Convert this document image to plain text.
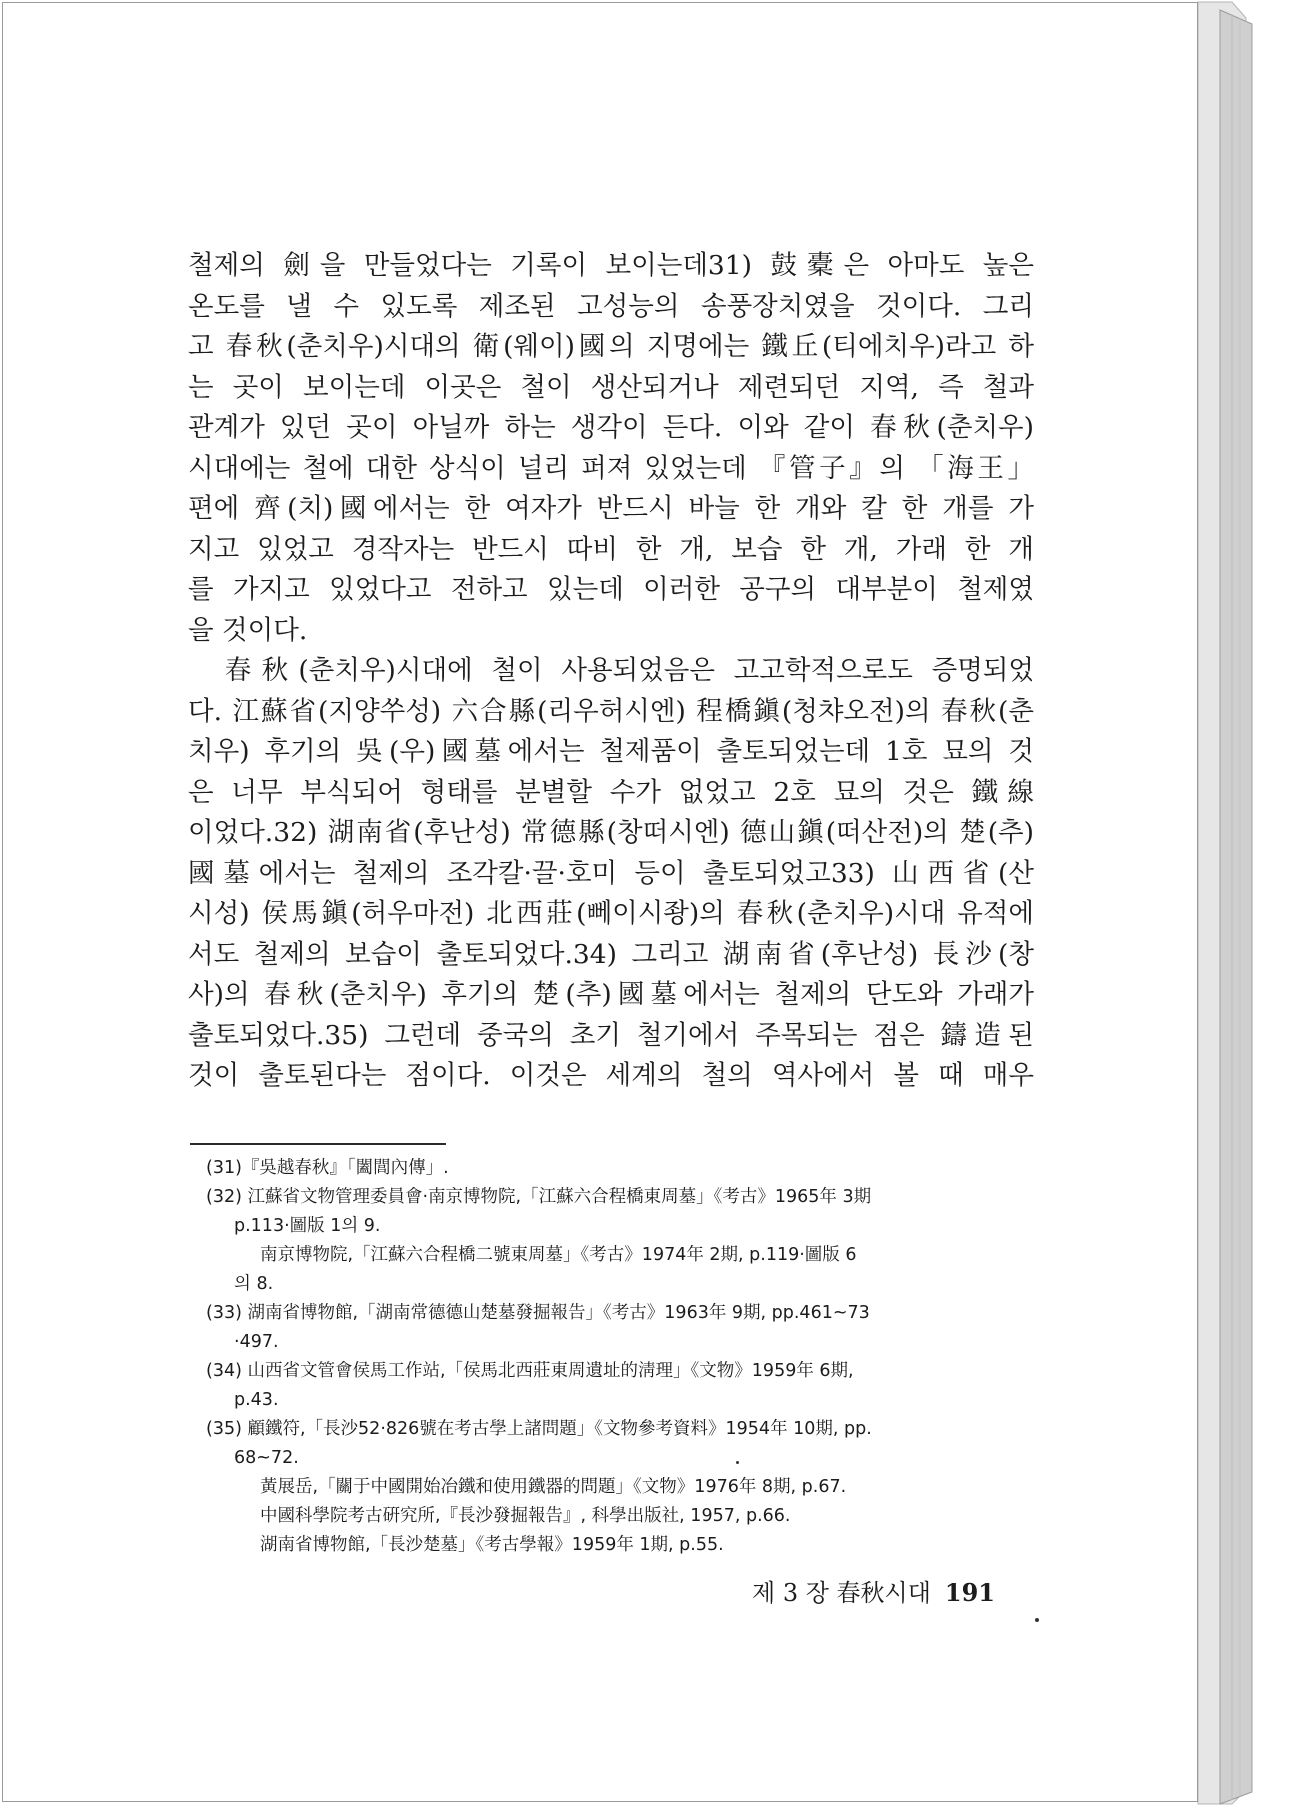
철제의 劍을 만들었다는 기록이 보이는데31) 鼓橐은 아마도 높은
온도를 낼 수 있도록 제조된 고성능의 송풍장치였을 것이다. 그리
고 春秋(춘치우)시대의 衛(웨이)國의 지명에는 鐵丘(티에치우)라고 하
는 곳이 보이는데 이곳은 철이 생산되거나 제련되던 지역, 즉 철과
관계가 있던 곳이 아닐까 하는 생각이 든다. 이와 같이 春秋(춘치우)
시대에는 철에 대한 상식이 널리 퍼져 있었는데 『管子』의 「海王」
편에 齊(치)國에서는 한 여자가 반드시 바늘 한 개와 칼 한 개를 가
지고 있었고 경작자는 반드시 따비 한 개, 보습 한 개, 가래 한 개
를 가지고 있었다고 전하고 있는데 이러한 공구의 대부분이 철제였
을 것이다.
　春秋(춘치우)시대에 철이 사용되었음은 고고학적으로도 증명되었
다. 江蘇省(지양쑤성) 六合縣(리우허시엔) 程橋鎭(청챠오전)의 春秋(춘
치우) 후기의 吳(우)國墓에서는 철제품이 출토되었는데 1호 묘의 것
은 너무 부식되어 형태를 분별할 수가 없었고 2호 묘의 것은 鐵線
이었다.32) 湖南省(후난성) 常德縣(창떠시엔) 德山鎭(떠산전)의 楚(추)
國墓에서는 철제의 조각칼·끌·호미 등이 출토되었고33) 山西省(산
시성) 侯馬鎭(허우마전) 北西莊(뻬이시좡)의 春秋(춘치우)시대 유적에
서도 철제의 보습이 출토되었다.34) 그리고 湖南省(후난성) 長沙(창
사)의 春秋(춘치우) 후기의 楚(추)國墓에서는 철제의 단도와 가래가
출토되었다.35) 그런데 중국의 초기 철기에서 주목되는 점은 鑄造된
것이 출토된다는 점이다. 이것은 세계의 철의 역사에서 볼 때 매우
(31)『吳越春秋』「闔閭內傳」.
(32) 江蘇省文物管理委員會·南京博物院,「江蘇六合程橋東周墓」《考古》1965年 3期
p.113·圖版 1의 9.
南京博物院,「江蘇六合程橋二號東周墓」《考古》1974年 2期, p.119·圖版 6
의 8.
(33) 湖南省博物館,「湖南常德德山楚墓發掘報告」《考古》1963年 9期, pp.461~73
·497.
(34) 山西省文管會侯馬工作站,「侯馬北西莊東周遺址的淸理」《文物》1959年 6期,
p.43.
(35) 顧鐵符,「長沙52·826號在考古學上諸問題」《文物參考資料》1954年 10期, pp.
68~72.
黃展岳,「關于中國開始冶鐵和使用鐵器的問題」《文物》1976年 8期, p.67.
中國科學院考古硏究所,『長沙發掘報告』, 科學出版社, 1957, p.66.
湖南省博物館,「長沙楚墓」《考古學報》1959年 1期, p.55.
제 3 장 春秋시대 191
